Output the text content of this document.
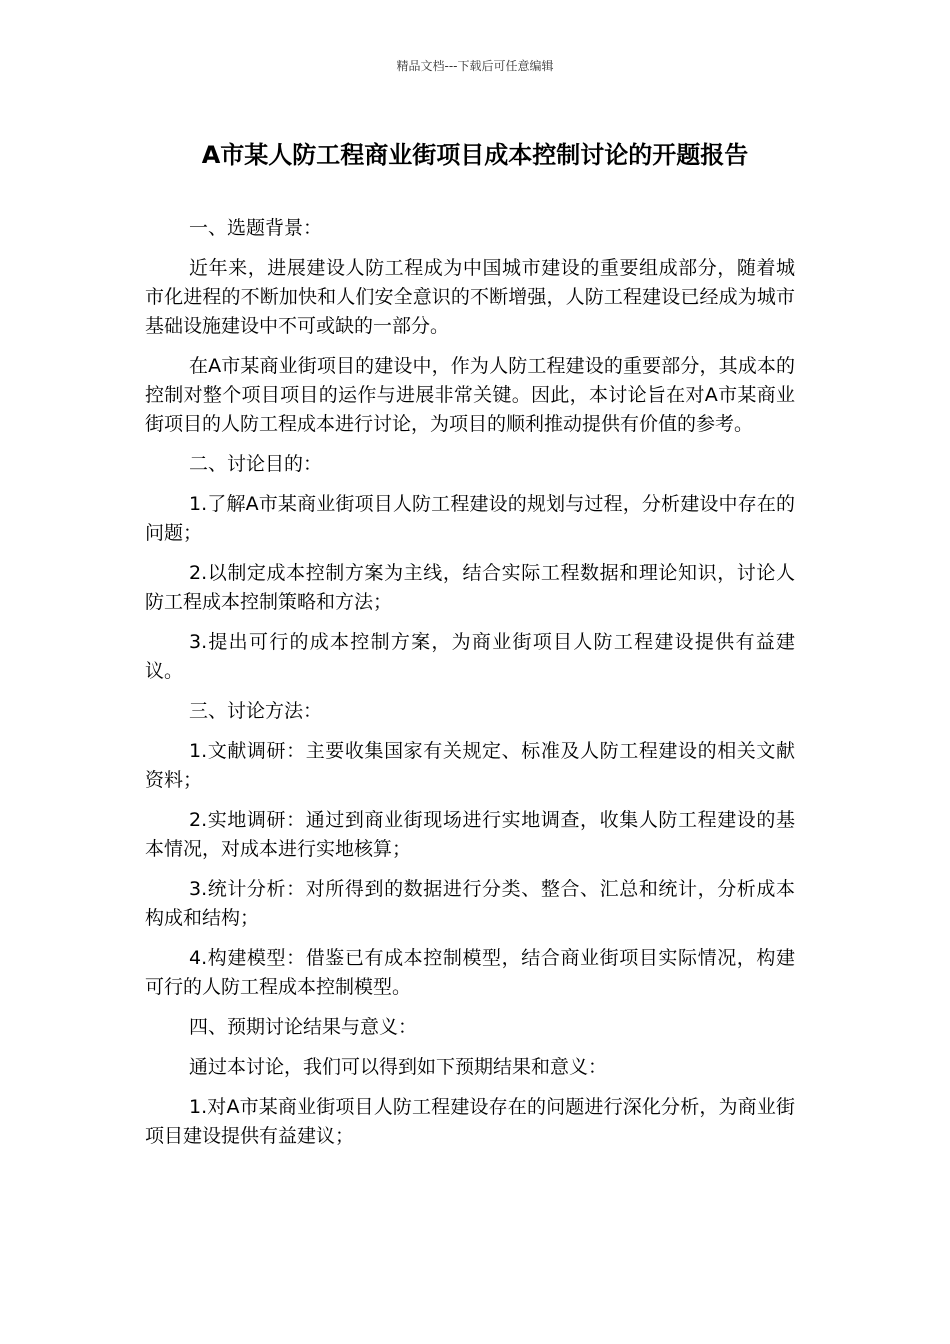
精品文档---下载后可任意编辑
A市某人防工程商业街项目成本控制讨论的开题报告

一、选题背景：

近年来，进展建设人防工程成为中国城市建设的重要组成部分，随着城市化进程的不断加快和人们安全意识的不断增强，人防工程建设已经成为城市基础设施建设中不可或缺的一部分。

在A市某商业街项目的建设中，作为人防工程建设的重要部分，其成本的控制对整个项目项目的运作与进展非常关键。因此，本讨论旨在对A市某商业街项目的人防工程成本进行讨论，为项目的顺利推动提供有价值的参考。

二、讨论目的：

1.了解A市某商业街项目人防工程建设的规划与过程，分析建设中存在的问题；

2.以制定成本控制方案为主线，结合实际工程数据和理论知识，讨论人防工程成本控制策略和方法；

3.提出可行的成本控制方案，为商业街项目人防工程建设提供有益建议。

三、讨论方法：

1.文献调研：主要收集国家有关规定、标准及人防工程建设的相关文献资料；

2.实地调研：通过到商业街现场进行实地调查，收集人防工程建设的基本情况，对成本进行实地核算；

3.统计分析：对所得到的数据进行分类、整合、汇总和统计，分析成本构成和结构；

4.构建模型：借鉴已有成本控制模型，结合商业街项目实际情况，构建可行的人防工程成本控制模型。

四、预期讨论结果与意义：

通过本讨论，我们可以得到如下预期结果和意义：

1.对A市某商业街项目人防工程建设存在的问题进行深化分析，为商业街项目建设提供有益建议；
